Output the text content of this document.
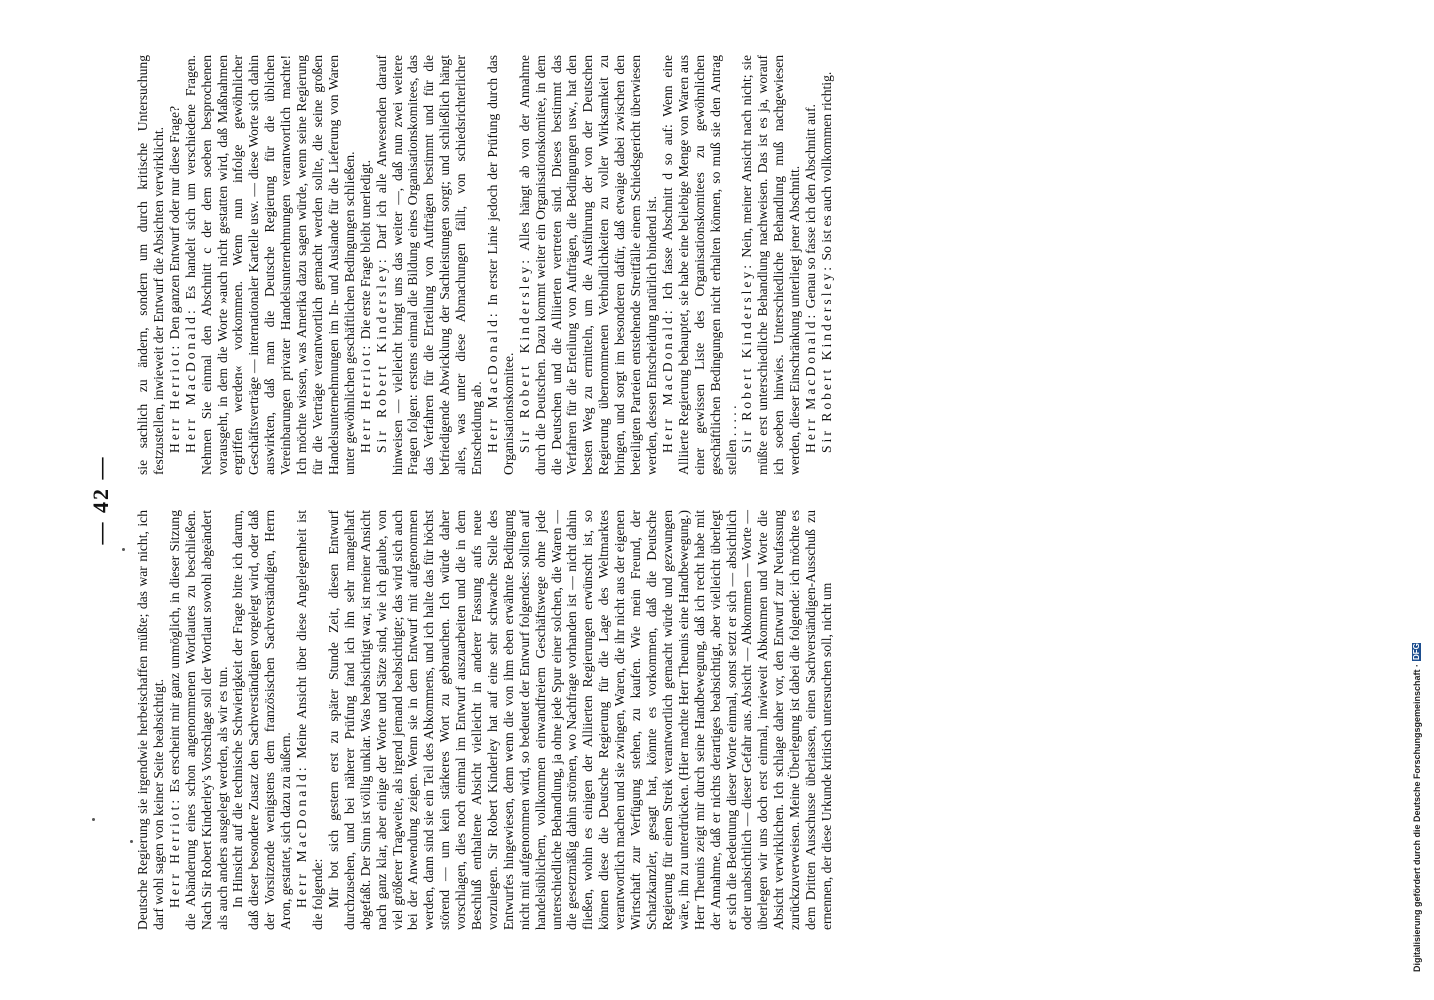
— 42 —

Deutsche Regierung sie irgendwie herbeischaffen müßte; das war nicht, ich darf wohl sagen von keiner Seite beabsichtigt. Herr Herriot: Es erscheint mir ganz unmöglich, in dieser Sitzung die Abänderung eines schon angenommenen Wortlautes zu beschließen. Nach Sir Robert Kinderley's Vorschlage soll der Wortlaut sowohl abgeändert als auch anders ausgelegt werden, als wir es tun. In Hinsicht auf die technische Schwierigkeit der Frage bitte ich darum, daß dieser besondere Zusatz den Sachverständigen vorgelegt wird, oder daß der Vorsitzende wenigstens dem französischen Sachverständigen, Herrn Aron, gestattet, sich dazu zu äußern. Herr MacDonald: Meine Ansicht über diese Angelegenheit ist die folgende: Mir bot sich gestern erst zu später Stunde Zeit, diesen Entwurf durchzusehen, und bei näherer Prüfung fand ich ihn sehr mangelhaft abgefaßt. Der Sinn ist völlig unklar. Was beabsichtigt war, ist meiner Ansicht nach ganz klar, aber einige der Worte und Sätze sind, wie ich glaube, von viel größerer Tragweite, als irgend jemand beabsichtigte; das wird sich auch bei der Anwendung zeigen. Wenn sie in dem Entwurf mit aufgenommen werden, dann sind sie ein Teil des Abkommens, und ich halte das für höchst störend — um kein stärkeres Wort zu gebrauchen. Ich würde daher vorschlagen, dies noch einmal im Entwurf auszuarbeiten und die in dem Beschluß enthaltene Absicht vielleicht in anderer Fassung aufs neue vorzulegen. Sir Robert Kinderley hat auf eine sehr schwache Stelle des Entwurfes hingewiesen, denn wenn die von ihm eben erwähnte Bedingung nicht mit aufgenommen wird, so bedeutet der Entwurf folgendes: sollten auf handelsüblichem, vollkommen einwandfreiem Geschäftswege ohne jede unterschiedliche Behandlung, ja ohne jede Spur einer solchen, die Waren — die gesetzmäßig dahin strömen, wo Nachfrage vorhanden ist — nicht dahin fließen, wohin es einigen der Alliierten Regierungen erwünscht ist, so können diese die Deutsche Regierung für die Lage des Weltmarktes verantwortlich machen und sie zwingen, Waren, die ihr nicht aus der eigenen Wirtschaft zur Verfügung stehen, zu kaufen. Wie mein Freund, der Schatzkanzler, gesagt hat, könnte es vorkommen, daß die Deutsche Regierung für einen Streik verantwortlich gemacht würde und gezwungen wäre, ihn zu unterdrücken. (Hier machte Herr Theunis eine Handbewegung.) Herr Theunis zeigt mir durch seine Handbewegung, daß ich recht habe mit der Annahme, daß er nichts derartiges beabsichtigt, aber vielleicht überlegt er sich die Bedeutung dieser Worte einmal, sonst setzt er sich — absichtlich oder unabsichtlich — dieser Gefahr aus. Absicht — Abkommen — Worte — überlegen wir uns doch erst einmal, inwieweit Abkommen und Worte die Absicht verwirklichen. Ich schlage daher vor, den Entwurf zur Neufassung zurückzuverweisen. Meine Überlegung ist dabei die folgende: ich möchte es dem Dritten Ausschusse überlassen, einen Sachverständigen-Ausschuß zu ernennen, der diese Urkunde kritisch untersuchen soll, nicht um

sie sachlich zu ändern, sondern um durch kritische Untersuchung festzustellen, inwieweit der Entwurf die Absichten verwirklicht. Herr Herriot: Den ganzen Entwurf oder nur diese Frage?

Herr MacDonald: Es handelt sich um verschiedene Fragen. Nehmen Sie einmal den Abschnitt c der dem soeben besprochenen vorausgeht, in dem die Worte »auch nicht gestatten wird, daß Maßnahmen ergriffen werden« vorkommen. Wenn nun infolge gewöhnlicher Geschäftsverträge — internationaler Kartelle usw. — diese Worte sich dahin auswirkten, daß man die Deutsche Regierung für die üblichen Vereinbarungen privater Handelsunternehmungen verantwortlich machte! Ich möchte wissen, was Amerika dazu sagen würde, wenn seine Regierung für die Verträge verantwortlich gemacht werden sollte, die seine großen Handelsunternehmungen im In- und Auslande für die Lieferung von Waren unter gewöhnlichen geschäftlichen Bedingungen schließen. Herr Herriot: Die erste Frage bleibt unerledigt.

Sir Robert Kindersley: Darf ich alle Anwesenden darauf hinweisen — vielleicht bringt uns das weiter —, daß nun zwei weitere Fragen folgen: erstens einmal die Bildung eines Organisationskomitees, das das Verfahren für die Erteilung von Aufträgen bestimmt und für die befriedigende Abwicklung der Sachleistungen sorgt; und schließlich hängt alles, was unter diese Abmachungen fällt, von schiedsrichterlicher Entscheidung ab. Herr MacDonald: In erster Linie jedoch der Prüfung durch das Organisationskomitee. Sir Robert Kindersley: Alles hängt ab von der Annahme durch die Deutschen. Dazu kommt weiter ein Organisationskomitee, in dem die Deutschen und die Alliierten vertreten sind. Dieses bestimmt das Verfahren für die Erteilung von Aufträgen, die Bedingungen usw., hat den besten Weg zu ermitteln, um die Ausführung der von der Deutschen Regierung übernommenen Verbindlichkeiten zu voller Wirksamkeit zu bringen, und sorgt im besonderen dafür, daß etwaige dabei zwischen den beteiligten Parteien entstehende Streitfälle einem Schiedsgericht überwiesen werden, dessen Entscheidung natürlich bindend ist. Herr MacDonald: Ich fasse Abschnitt d so auf: Wenn eine Alliierte Regierung behauptet, sie habe eine beliebige Menge von Waren aus einer gewissen Liste des Organisationskomitees zu gewöhnlichen geschäftlichen Bedingungen nicht erhalten können, so muß sie den Antrag stellen . . . . . Sir Robert Kindersley: Nein, meiner Ansicht nach nicht; sie müßte erst unterschiedliche Behandlung nachweisen. Das ist es ja, worauf ich soeben hinwies. Unterschiedliche Behandlung muß nachgewiesen werden, dieser Einschränkung unterliegt jener Abschnitt. Herr MacDonald: Genau so fasse ich den Abschnitt auf.

Sir Robert Kindersley: So ist es auch vollkommen richtig.

Digitalisierung gefördert durch die Deutsche Forschungsgemeinschaft · DFG
